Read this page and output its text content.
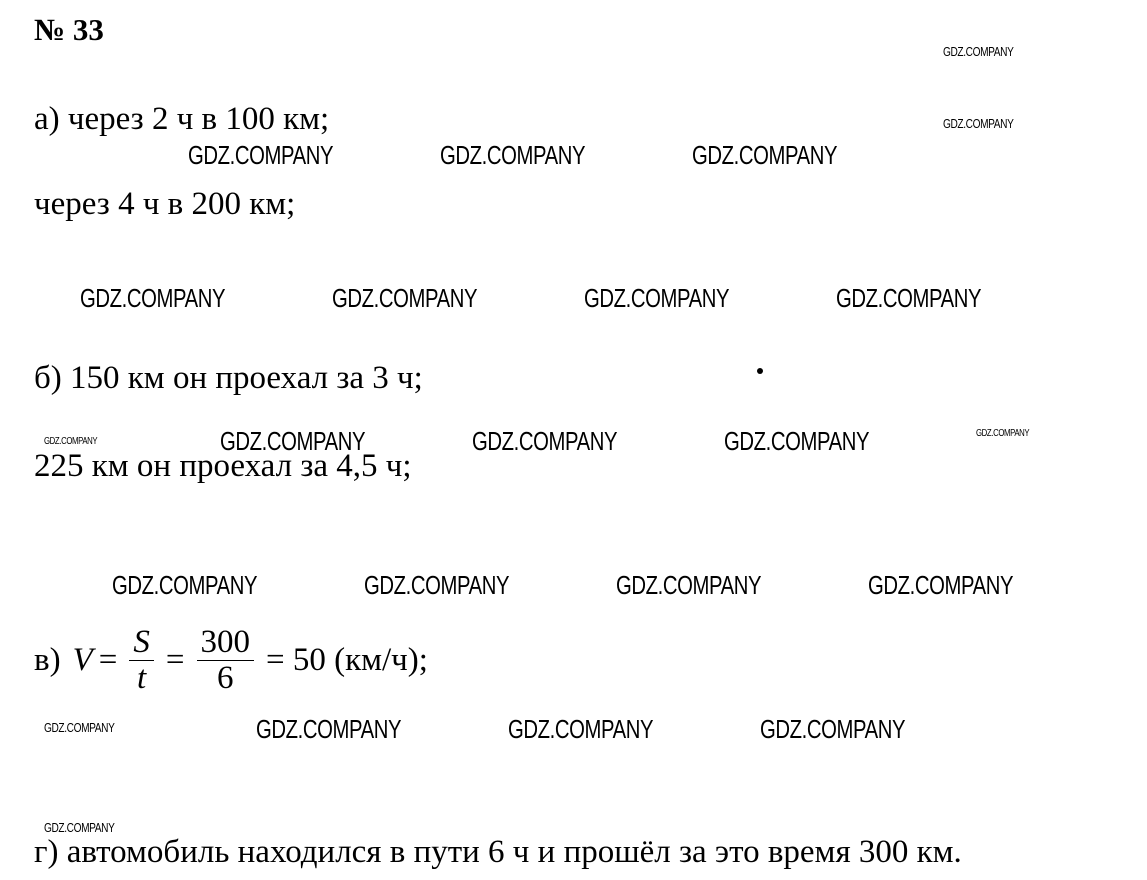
№ 33

а) через 2 ч в 100 км;

через 4 ч в 200 км;

б) 150 км он проехал за 3 ч;

225 км он проехал за 4,5 ч;

в) $V = \frac{S}{t} = \frac{300}{6} = 50$ (км/ч);

г) автомобиль находился в пути 6 ч и прошёл за это время 300 км.

GDZ.COMPANY
GDZ.COMPANY
GDZ.COMPANY	GDZ.COMPANY	GDZ.COMPANY
GDZ.COMPANY	GDZ.COMPANY	GDZ.COMPANY	GDZ.COMPANY
GDZ.COMPANY	GDZ.COMPANY	GDZ.COMPANY	GDZ.COMPANY	GDZ.COMPANY
GDZ.COMPANY	GDZ.COMPANY	GDZ.COMPANY	GDZ.COMPANY
GDZ.COMPANY	GDZ.COMPANY	GDZ.COMPANY	GDZ.COMPANY
GDZ.COMPANY
